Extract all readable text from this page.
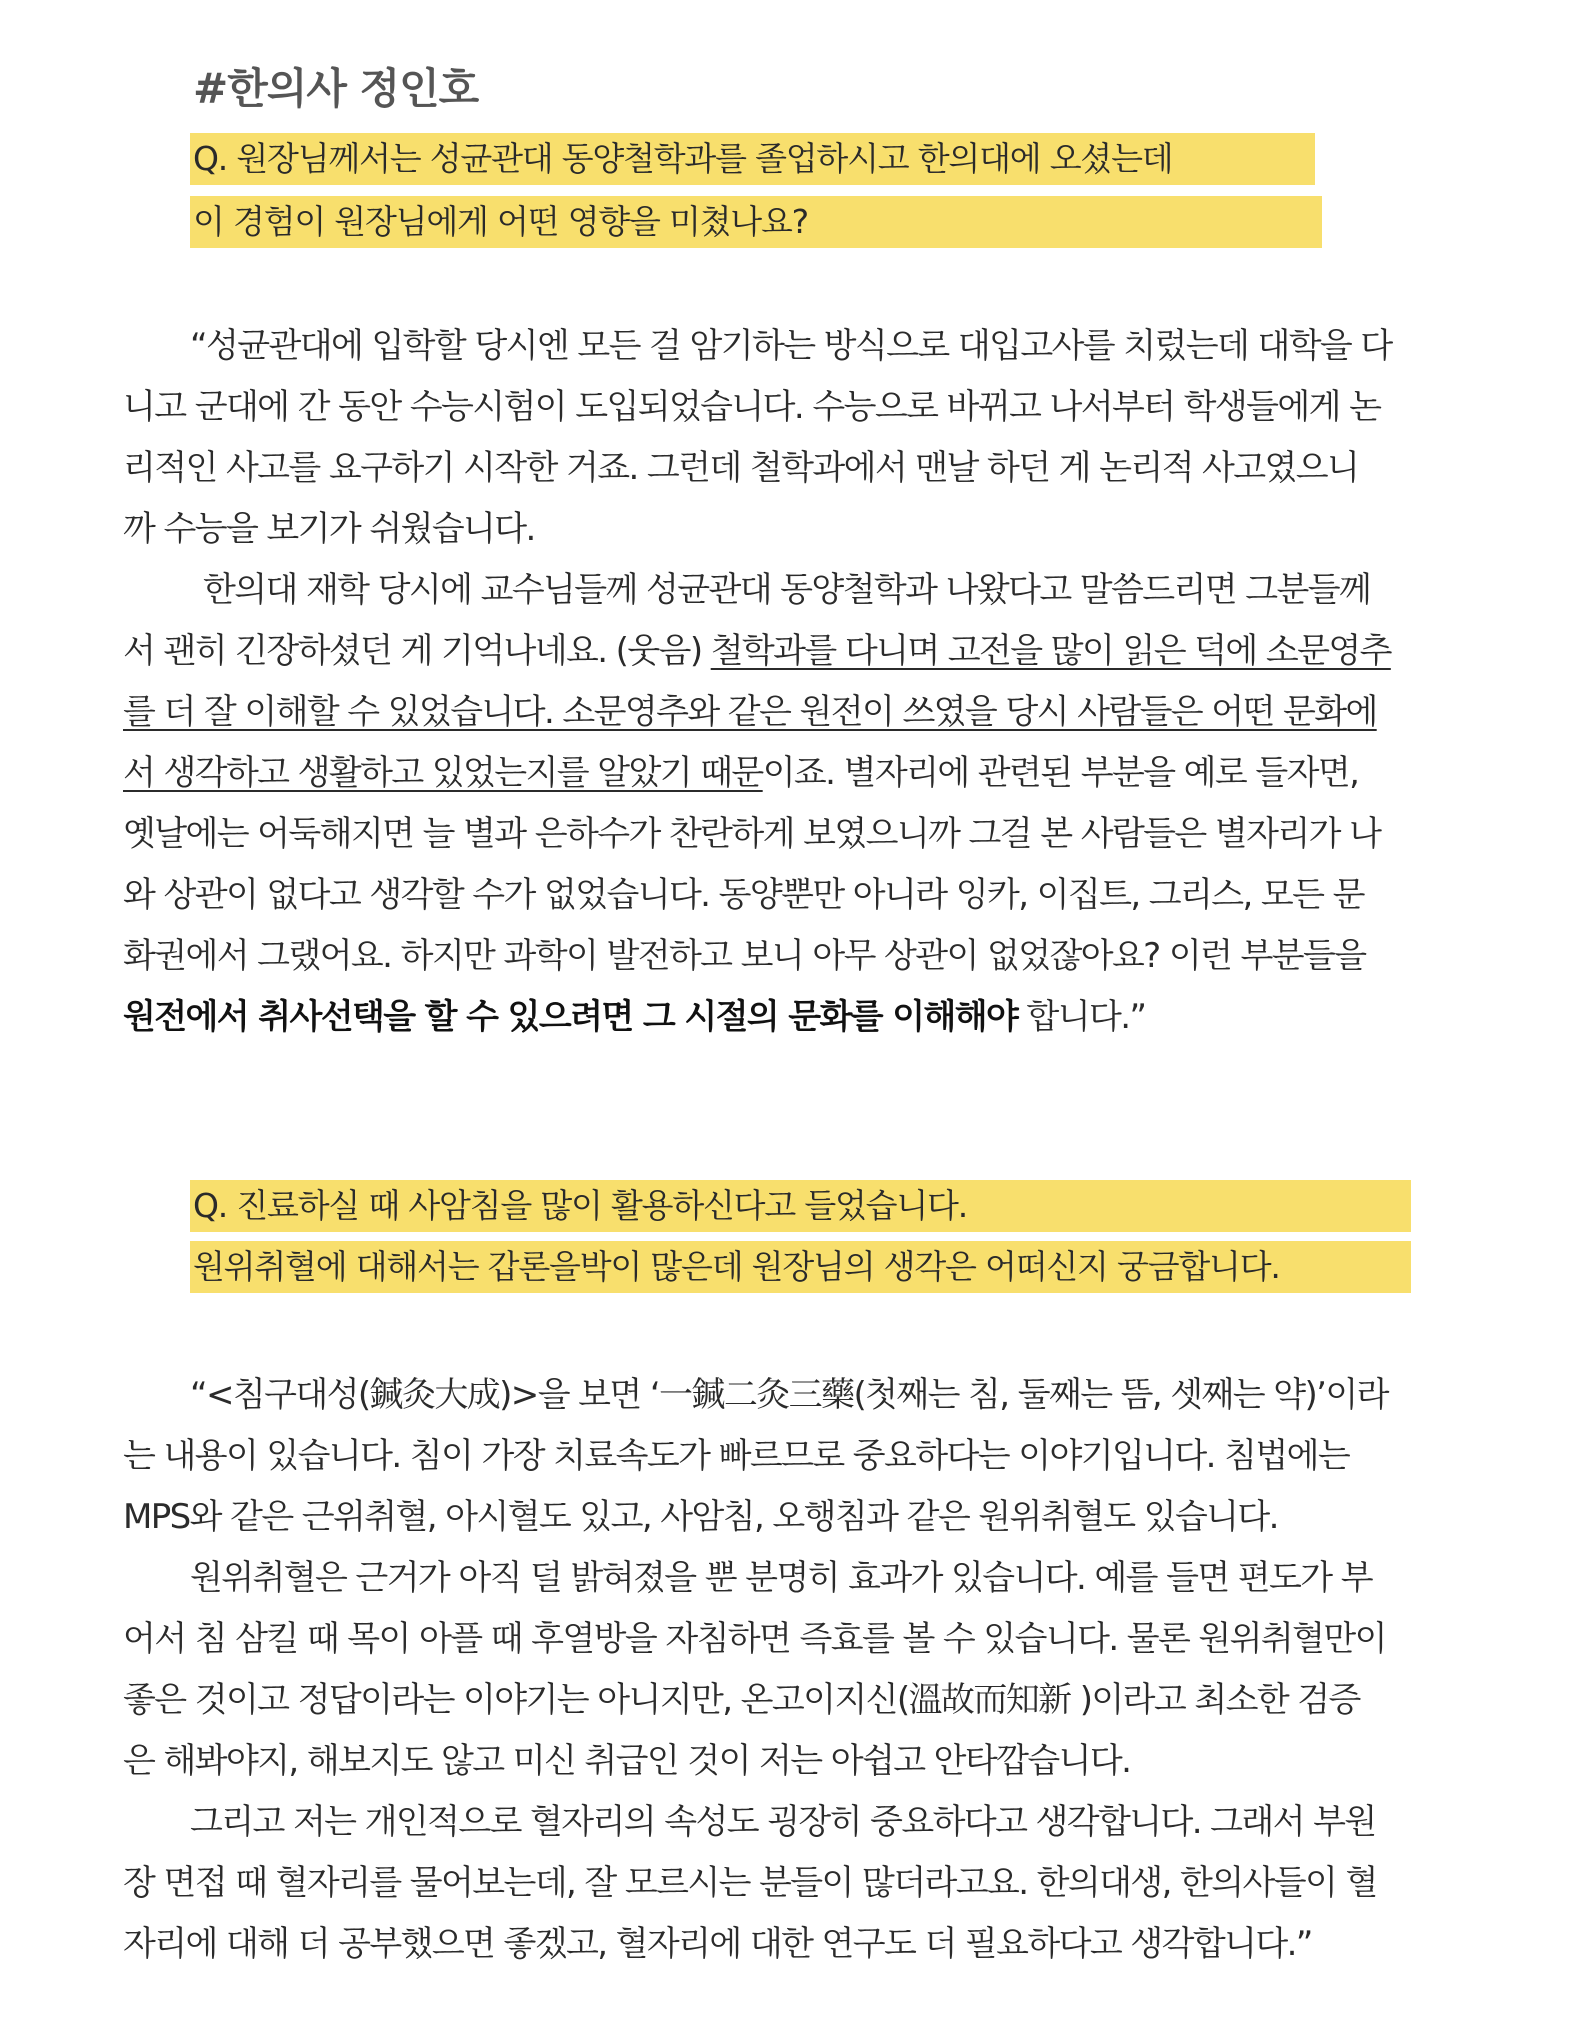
#한의사 정인호
Q. 원장님께서는 성균관대 동양철학과를 졸업하시고 한의대에 오셨는데
이 경험이 원장님에게 어떤 영향을 미쳤나요?
“성균관대에 입학할 당시엔 모든 걸 암기하는 방식으로 대입고사를 치렀는데 대학을 다
니고 군대에 간 동안 수능시험이 도입되었습니다. 수능으로 바뀌고 나서부터 학생들에게 논
리적인 사고를 요구하기 시작한 거죠. 그런데 철학과에서 맨날 하던 게 논리적 사고였으니
까 수능을 보기가 쉬웠습니다.
한의대 재학 당시에 교수님들께 성균관대 동양철학과 나왔다고 말씀드리면 그분들께
서 괜히 긴장하셨던 게 기억나네요. (웃음) 철학과를 다니며 고전을 많이 읽은 덕에 소문영추
를 더 잘 이해할 수 있었습니다. 소문영추와 같은 원전이 쓰였을 당시 사람들은 어떤 문화에
서 생각하고 생활하고 있었는지를 알았기 때문이죠. 별자리에 관련된 부분을 예로 들자면,
옛날에는 어둑해지면 늘 별과 은하수가 찬란하게 보였으니까 그걸 본 사람들은 별자리가 나
와 상관이 없다고 생각할 수가 없었습니다. 동양뿐만 아니라 잉카, 이집트, 그리스, 모든 문
화권에서 그랬어요. 하지만 과학이 발전하고 보니 아무 상관이 없었잖아요? 이런 부분들을
원전에서 취사선택을 할 수 있으려면 그 시절의 문화를 이해해야 합니다.”
Q. 진료하실 때 사암침을 많이 활용하신다고 들었습니다.
원위취혈에 대해서는 갑론을박이 많은데 원장님의 생각은 어떠신지 궁금합니다.
“<침구대성(鍼灸大成)>을 보면 ‘一鍼二灸三藥(첫째는 침, 둘째는 뜸, 셋째는 약)’이라
는 내용이 있습니다. 침이 가장 치료속도가 빠르므로 중요하다는 이야기입니다. 침법에는
MPS와 같은 근위취혈, 아시혈도 있고, 사암침, 오행침과 같은 원위취혈도 있습니다.
원위취혈은 근거가 아직 덜 밝혀졌을 뿐 분명히 효과가 있습니다. 예를 들면 편도가 부
어서 침 삼킬 때 목이 아플 때 후열방을 자침하면 즉효를 볼 수 있습니다. 물론 원위취혈만이
좋은 것이고 정답이라는 이야기는 아니지만, 온고이지신(溫故而知新 )이라고 최소한 검증
은 해봐야지, 해보지도 않고 미신 취급인 것이 저는 아쉽고 안타깝습니다.
그리고 저는 개인적으로 혈자리의 속성도 굉장히 중요하다고 생각합니다. 그래서 부원
장 면접 때 혈자리를 물어보는데, 잘 모르시는 분들이 많더라고요. 한의대생, 한의사들이 혈
자리에 대해 더 공부했으면 좋겠고, 혈자리에 대한 연구도 더 필요하다고 생각합니다.”
